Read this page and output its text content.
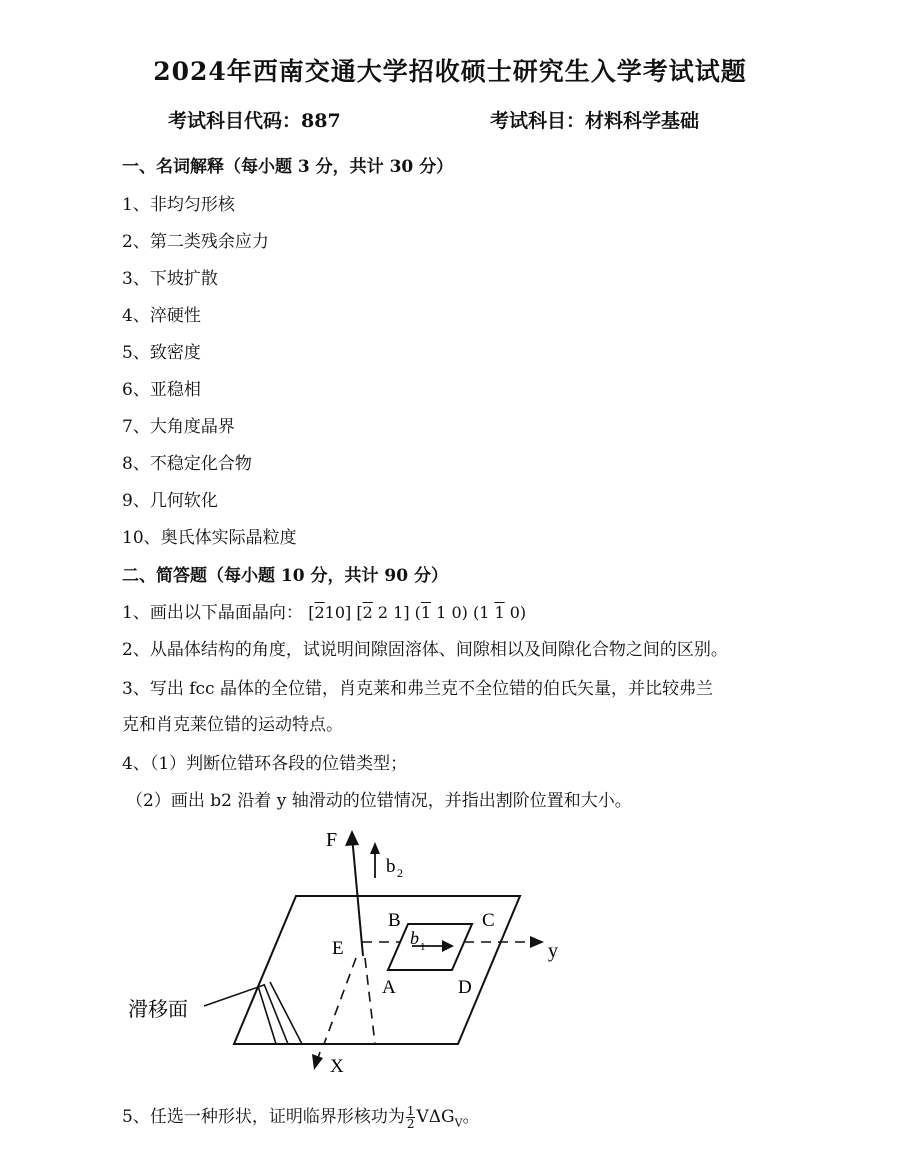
2024年西南交通大学招收硕士研究生入学考试试题
考试科目代码：887	考试科目：材料科学基础
一、名词解释（每小题 3 分，共计 30 分）
1、非均匀形核
2、第二类残余应力
3、下坡扩散
4、淬硬性
5、致密度
6、亚稳相
7、大角度晶界
8、不稳定化合物
9、几何软化
10、奥氏体实际晶粒度
二、简答题（每小题 10 分，共计 90 分）
1、画出以下晶面晶向： [210] [2 2 1] (1 1 0) (1 1 0)
2、从晶体结构的角度，试说明间隙固溶体、间隙相以及间隙化合物之间的区别。
3、写出 fcc 晶体的全位错，肖克莱和弗兰克不全位错的伯氏矢量，并比较弗兰
克和肖克莱位错的运动特点。
4、（1）判断位错环各段的位错类型；
（2）画出 b2 沿着 y 轴滑动的位错情况，并指出割阶位置和大小。
F
b 2
B	C
E	b 1	y
A	D
滑移面
X
5、任选一种形状，证明临界形核功为 $\frac{1}{2} V\Delta G_V$。
